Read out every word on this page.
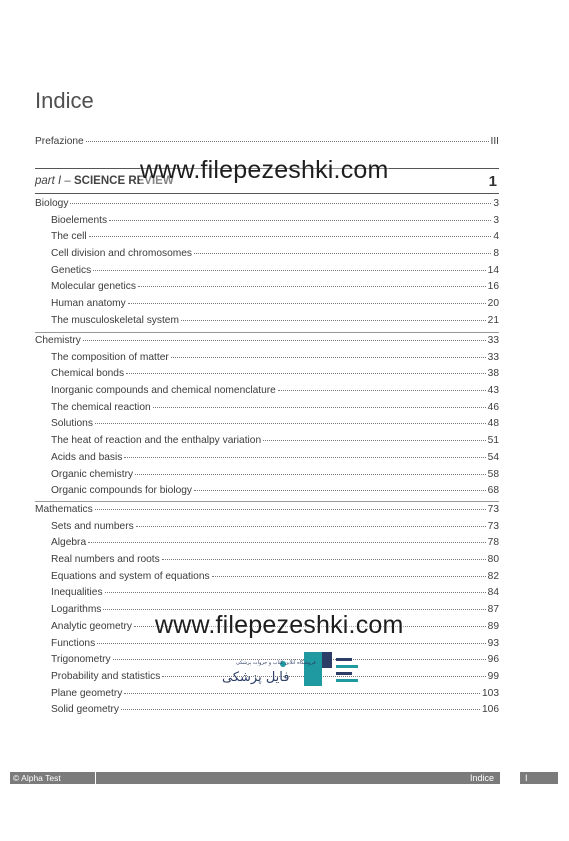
Indice
Prefazione	III
part I – SCIENCE REVIEW	1
Biology	3
Bioelements	3
The cell	4
Cell division and chromosomes	8
Genetics	14
Molecular genetics	16
Human anatomy	20
The musculoskeletal system	21
Chemistry	33
The composition of matter	33
Chemical bonds	38
Inorganic compounds and chemical nomenclature	43
The chemical reaction	46
Solutions	48
The heat of reaction and the enthalpy variation	51
Acids and basis	54
Organic chemistry	58
Organic compounds for biology	68
Mathematics	73
Sets and numbers	73
Algebra	78
Real numbers and roots	80
Equations and system of equations	82
Inequalities	84
Logarithms	87
Analytic geometry	89
Functions	93
Trigonometry	96
Probability and statistics	99
Plane geometry	103
Solid geometry	106
www.filepezeshki.com
www.filepezeshki.com
فایل پزشکی
فروشگاه آنلاین کتاب و جزوات پزشکی
© Alpha Test	Indice	I
